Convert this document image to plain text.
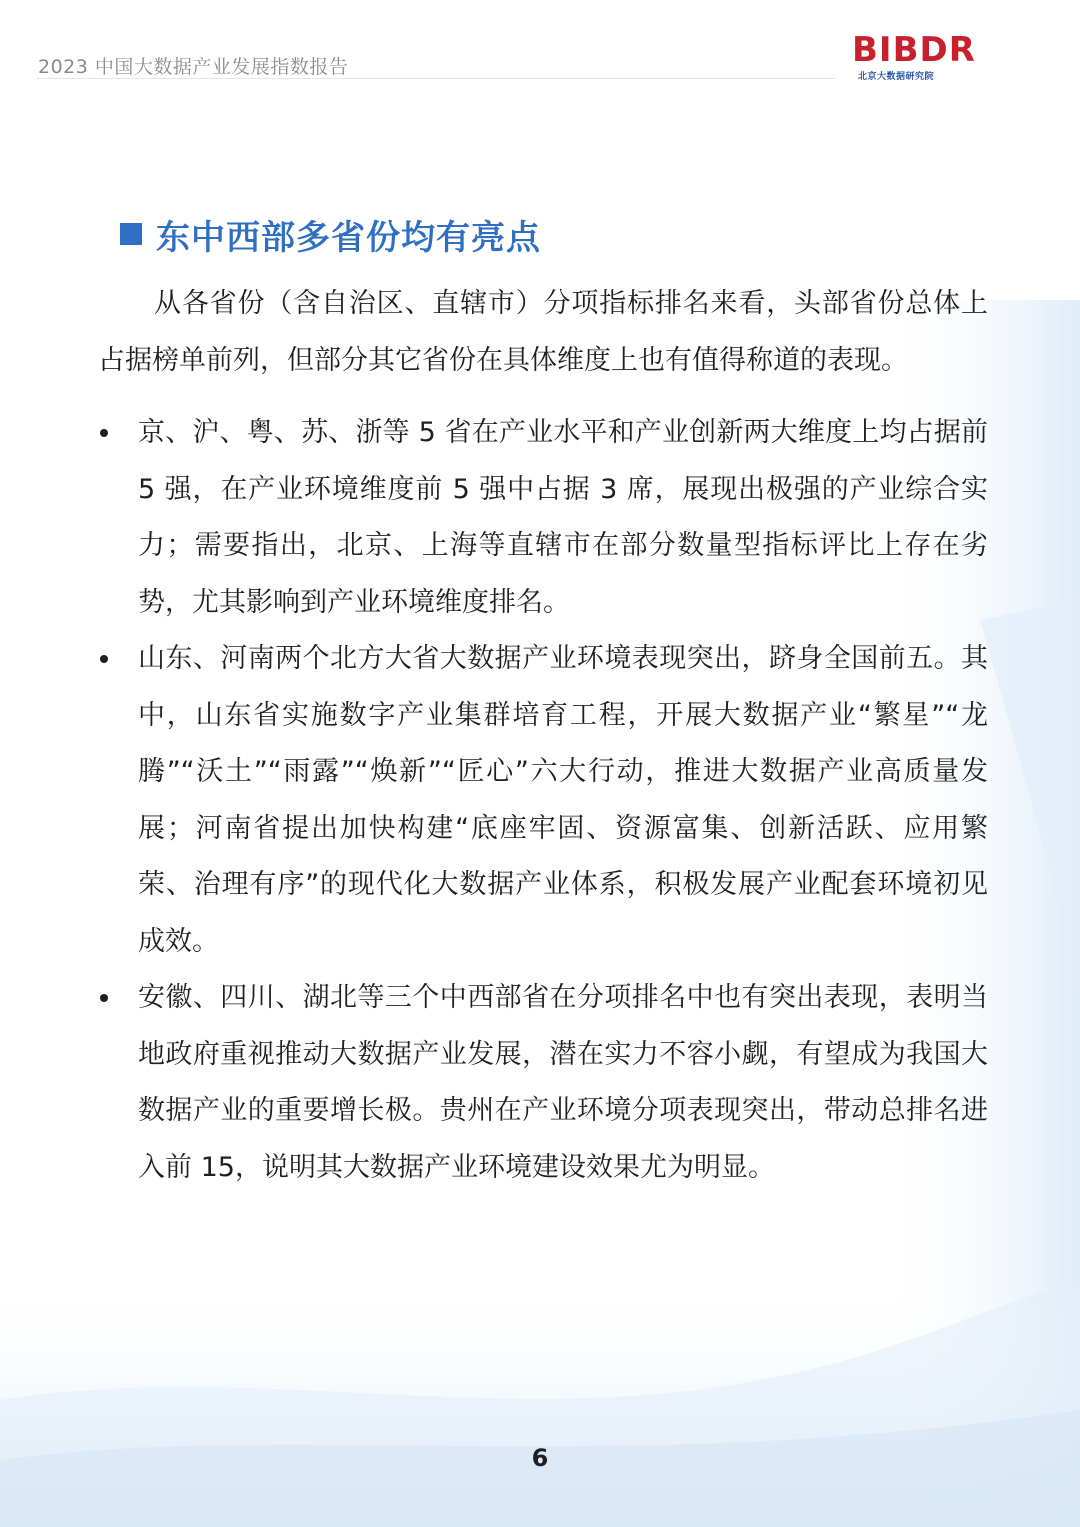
2023 中国大数据产业发展指数报告	BIBDR
北京大数据研究院
东中西部多省份均有亮点

从各省份（含自治区、直辖市）分项指标排名来看，头部省份总体上占据榜单前列，但部分其它省份在具体维度上也有值得称道的表现。

京、沪、粤、苏、浙等 5 省在产业水平和产业创新两大维度上均占据前 5 强，在产业环境维度前 5 强中占据 3 席，展现出极强的产业综合实力；需要指出，北京、上海等直辖市在部分数量型指标评比上存在劣势，尤其影响到产业环境维度排名。
山东、河南两个北方大省大数据产业环境表现突出，跻身全国前五。其中，山东省实施数字产业集群培育工程，开展大数据产业“繁星”“龙腾”“沃土”“雨露”“焕新”“匠心”六大行动，推进大数据产业高质量发展；河南省提出加快构建“底座牢固、资源富集、创新活跃、应用繁荣、治理有序”的现代化大数据产业体系，积极发展产业配套环境初见成效。
安徽、四川、湖北等三个中西部省在分项排名中也有突出表现，表明当地政府重视推动大数据产业发展，潜在实力不容小觑，有望成为我国大数据产业的重要增长极。贵州在产业环境分项表现突出，带动总排名进入前 15，说明其大数据产业环境建设效果尤为明显。
6
